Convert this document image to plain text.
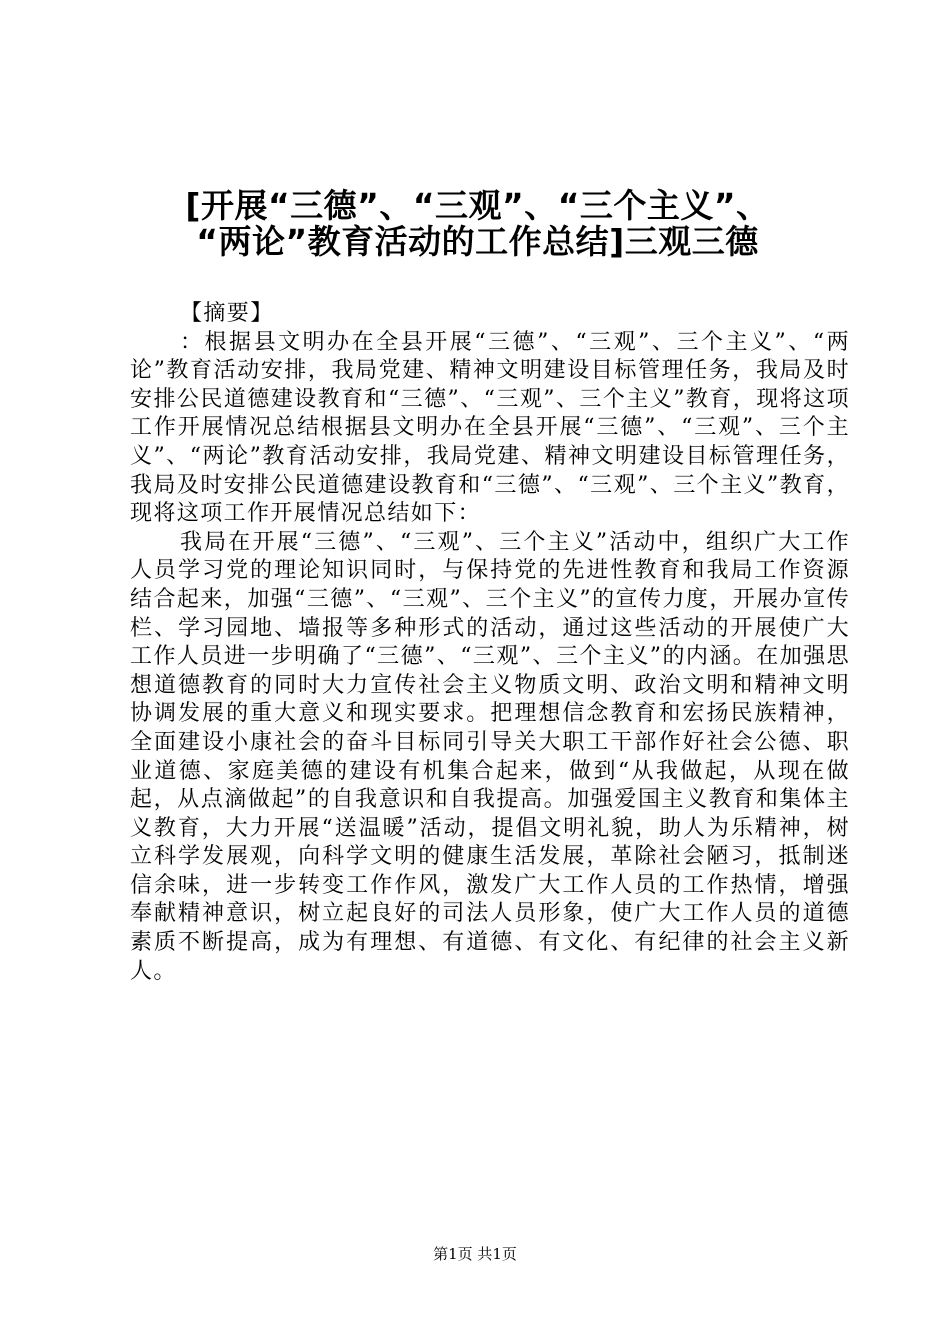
[开展“三德”、“三观”、“三个主义”、
“两论”教育活动的工作总结]三观三德
【摘要】

：根据县文明办在全县开展“三德”、“三观”、三个主义”、“两论”教育活动安排，我局党建、精神文明建设目标管理任务，我局及时安排公民道德建设教育和“三德”、“三观”、三个主义”教育，现将这项工作开展情况总结根据县文明办在全县开展“三德”、“三观”、三个主义”、“两论”教育活动安排，我局党建、精神文明建设目标管理任务，我局及时安排公民道德建设教育和“三德”、“三观”、三个主义”教育，现将这项工作开展情况总结如下：

我局在开展“三德”、“三观”、三个主义”活动中，组织广大工作人员学习党的理论知识同时，与保持党的先进性教育和我局工作资源结合起来，加强“三德”、“三观”、三个主义”的宣传力度，开展办宣传栏、学习园地、墙报等多种形式的活动，通过这些活动的开展使广大工作人员进一步明确了“三德”、“三观”、三个主义”的内涵。在加强思想道德教育的同时大力宣传社会主义物质文明、政治文明和精神文明协调发展的重大意义和现实要求。把理想信念教育和宏扬民族精神，全面建设小康社会的奋斗目标同引导关大职工干部作好社会公德、职业道德、家庭美德的建设有机集合起来，做到“从我做起，从现在做起，从点滴做起”的自我意识和自我提高。加强爱国主义教育和集体主义教育，大力开展“送温暖”活动，提倡文明礼貌，助人为乐精神，树立科学发展观，向科学文明的健康生活发展，革除社会陋习，抵制迷信余味，进一步转变工作作风，激发广大工作人员的工作热情，增强奉献精神意识，树立起良好的司法人员形象，使广大工作人员的道德素质不断提高，成为有理想、有道德、有文化、有纪律的社会主义新人。

第1页 共1页
